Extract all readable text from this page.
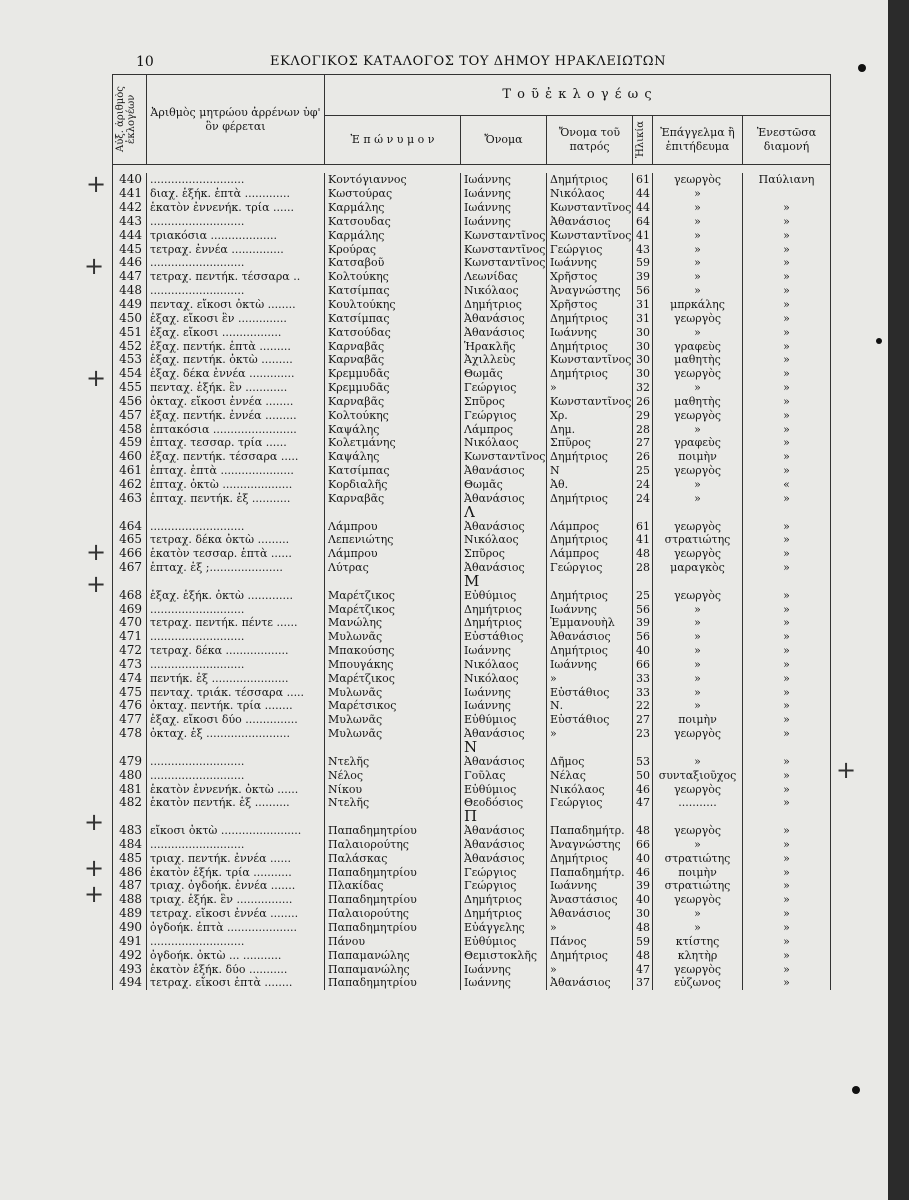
10	ΕΚΛΟΓΙΚΟΣ ΚΑΤΑΛΟΓΟΣ ΤΟΥ ΔΗΜΟΥ ΗΡΑΚΛΕΙΩΤΩΝ
Αὐξ. ἀριθμὸς ἐκλογέων	Ἀριθμὸς μητρώου ἀρρένων ὑφ' ὃν φέρεται	Τ ο ῦ ἐ κ λ ο γ έ ω ς					
		Ἐ π ώ ν υ μ ο ν	Ὄνομα	Ὄνομα τοῦ πατρός	Ἡλικία	Ἐπάγγελμα ἢ ἐπιτήδευμα	Ἐνεστῶσα διαμονή

440	...........................	Κοντόγιαννος	Ιωάννης	Δημήτριος	61	γεωργὸς	Παύλιανη
441	διαχ. ἑξήκ. ἑπτὰ .............	Κωστούρας	Ιωάννης	Νικόλαος	44	»	
442	ἑκατὸν ἐννενήκ. τρία ......	Καρμάλης	Ιωάννης	Κωνσταντῖνος	44	»	»
443	...........................	Κατσουδας	Ιωάννης	Ἀθανάσιος	64	»	»
444	τριακόσια ...................	Καρμάλης	Κωνσταντῖνος	Κωνσταντῖνος	41	»	»
445	τετραχ. ἐννέα ...............	Κρούρας	Κωνσταντῖνος	Γεώργιος	43	»	»
446	...........................	Κατσαβοῦ	Κωνσταντῖνος	Ιωάννης	59	»	»
447	τετραχ. πεντήκ. τέσσαρα ..	Κολτούκης	Λεωνίδας	Χρῆστος	39	»	»
448	...........................	Κατσίμπας	Νικόλαος	Ἀναγνώστης	56	»	»
449	πενταχ. εἴκοσι ὀκτὼ ........	Κουλτούκης	Δημήτριος	Χρῆστος	31	μπρκάλης	»
450	ἑξαχ. εἴκοσι ἓν ..............	Κατσίμπας	Ἀθανάσιος	Δημήτριος	31	γεωργὸς	»
451	ἑξαχ. εἴκοσι .................	Κατσούδας	Ἀθανάσιος	Ιωάννης	30	»	»
452	ἑξαχ. πεντήκ. ἑπτὰ .........	Καρναβᾶς	Ἡρακλῆς	Δημήτριος	30	γραφεὺς	»
453	ἑξαχ. πεντήκ. ὀκτὼ .........	Καρναβᾶς	Ἀχιλλεὺς	Κωνσταντῖνος	30	μαθητὴς	»
454	ἑξαχ. δέκα ἐννέα .............	Κρεμμυδᾶς	Θωμᾶς	Δημήτριος	30	γεωργὸς	»
455	πενταχ. ἑξήκ. ἓν ............	Κρεμμυδᾶς	Γεώργιος	»	32	»	»
456	ὀκταχ. εἴκοσι ἐννέα ........	Καρναβᾶς	Σπῦρος	Κωνσταντῖνος	26	μαθητὴς	»
457	ἑξαχ. πεντήκ. ἐννέα .........	Κολτούκης	Γεώργιος	Χρ.	29	γεωργὸς	»
458	ἑπτακόσια ........................	Καψάλης	Λάμπρος	Δημ.	28	»	»
459	ἑπταχ. τεσσαρ. τρία ......	Κολετμάνης	Νικόλαος	Σπῦρος	27	γραφεὺς	»
460	ἑξαχ. πεντήκ. τέσσαρα .....	Καψάλης	Κωνσταντῖνος	Δημήτριος	26	ποιμὴν	»
461	ἑπταχ. ἑπτὰ .....................	Κατσίμπας	Ἀθανάσιος	Ν	25	γεωργὸς	»
462	ἑπταχ. ὀκτὼ ....................	Κορδιαλῆς	Θωμᾶς	Ἀθ.	24	»	«
463	ἑπταχ. πεντήκ. ἑξ ...........	Καρναβᾶς	Ἀθανάσιος	Δημήτριος	24	»	»
			Λ				
464	...........................	Λάμπρου	Ἀθανάσιος	Λάμπρος	61	γεωργὸς	»
465	τετραχ. δέκα ὀκτὼ .........	Λεπενιώτης	Νικόλαος	Δημήτριος	41	στρατιώτης	»
466	ἑκατὸν τεσσαρ. ἑπτὰ ......	Λάμπρου	Σπῦρος	Λάμπρος	48	γεωργὸς	»
467	ἑπταχ. ἑξ ;.....................	Λύτρας	Ἀθανάσιος	Γεώργιος	28	μαραγκὸς	»
			Μ				
468	ἑξαχ. ἑξήκ. ὀκτὼ .............	Μαρέτζικος	Εὐθύμιος	Δημήτριος	25	γεωργὸς	»
469	...........................	Μαρέτζικος	Δημήτριος	Ιωάννης	56	»	»
470	τετραχ. πεντήκ. πέντε ......	Μανώλης	Δημήτριος	Ἐμμανουὴλ	39	»	»
471	...........................	Μυλωνᾶς	Εὐστάθιος	Ἀθανάσιος	56	»	»
472	τετραχ. δέκα ..................	Μπακούσης	Ιωάννης	Δημήτριος	40	»	»
473	...........................	Μπουγάκης	Νικόλαος	Ιωάννης	66	»	»
474	πεντήκ. ἑξ ......................	Μαρέτζικος	Νικόλαος	»	33	»	»
475	πενταχ. τριάκ. τέσσαρα .....	Μυλωνᾶς	Ιωάννης	Εὐστάθιος	33	»	»
476	ὀκταχ. πεντήκ. τρία ........	Μαρέτσικος	Ιωάννης	Ν.	22	»	»
477	ἑξαχ. εἴκοσι δύο ...............	Μυλωνᾶς	Εὐθύμιος	Εὐστάθιος	27	ποιμὴν	»
478	ὀκταχ. ἑξ ........................	Μυλωνᾶς	Ἀθανάσιος	»	23	γεωργὸς	»
			Ν				
479	...........................	Ντελῆς	Ἀθανάσιος	Δῆμος	53	»	»
480	...........................	Νέλος	Γοῦλας	Νέλας	50	συνταξιοῦχος	»
481	ἑκατὸν ἐννενήκ. ὀκτὼ ......	Νίκου	Εὐθύμιος	Νικόλαος	46	γεωργὸς	»
482	ἑκατὸν πεντήκ. ἑξ ..........	Ντελῆς	Θεοδόσιος	Γεώργιος	47	...........	»
			Π				
483	εἴκοσι ὀκτὼ .......................	Παπαδημητρίου	Ἀθανάσιος	Παπαδημήτρ.	48	γεωργὸς	»
484	...........................	Παλαιορούτης	Ἀθανάσιος	Ἀναγνώστης	66	»	»
485	τριαχ. πεντήκ. ἐννέα ......	Παλάσκας	Ἀθανάσιος	Δημήτριος	40	στρατιώτης	»
486	ἑκατὸν ἑξήκ. τρία ...........	Παπαδημητρίου	Γεώργιος	Παπαδημήτρ.	46	ποιμὴν	»
487	τριαχ. ὀγδοήκ. ἐννέα .......	Πλακίδας	Γεώργιος	Ιωάννης	39	στρατιώτης	»
488	τριαχ. ἑξήκ. ἓν ................	Παπαδημητρίου	Δημήτριος	Ἀναστάσιος	40	γεωργὸς	»
489	τετραχ. εἴκοσι ἐννέα ........	Παλαιορούτης	Δημήτριος	Ἀθανάσιος	30	»	»
490	ὀγδοήκ. ἑπτὰ ....................	Παπαδημητρίου	Εὐάγγελης	»	48	»	»
491	...........................	Πάνου	Εὐθύμιος	Πάνος	59	κτίστης	»
492	ὀγδοήκ. ὀκτὼ ... ...........	Παπαμανώλης	Θεμιστοκλῆς	Δημήτριος	48	κλητὴρ	»
493	ἑκατὸν ἑξήκ. δύο ...........	Παπαμανώλης	Ιωάννης	»	47	γεωργὸς	»
494	τετραχ. εἴκοσι ἑπτὰ ........	Παπαδημητρίου	Ιωάννης	Ἀθανάσιος	37	εὐζωνος	»
+
+
+
+
+
+
+
+
+
